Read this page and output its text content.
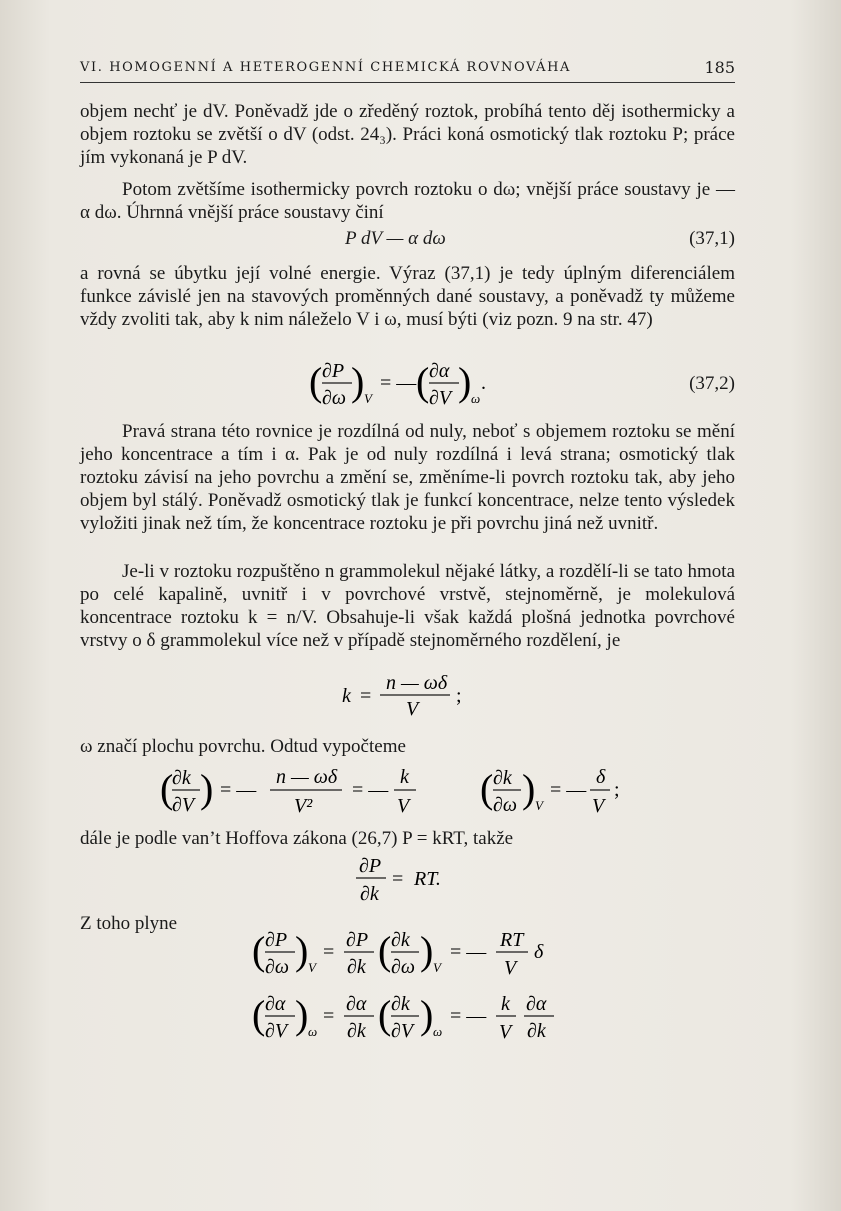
VI. HOMOGENNÍ A HETEROGENNÍ CHEMICKÁ ROVNOVÁHA	185

objem nechť je dV. Poněvadž jde o zředěný roztok, probíhá tento děj isothermicky a objem roztoku se zvětší o dV (odst. 24₃). Práci koná osmotický tlak roztoku P; práce jím vykonaná je P dV.

Potom zvětšíme isothermicky povrch roztoku o dω; vnější práce soustavy je — α dω. Úhrnná vnější práce soustavy činí

P dV — α dω	(37,1)

a rovná se úbytku její volné energie. Výraz (37,1) je tedy úplným diferenciálem funkce závislé jen na stavových proměnných dané soustavy, a poněvadž ty můžeme vždy zvoliti tak, aby k nim náleželo V i ω, musí býti (viz pozn. 9 na str. 47)

( ∂P
∂ω ) V
= — ( ∂α
∂V ) ω
.	(37,2)

Pravá strana této rovnice je rozdílná od nuly, neboť s objemem roztoku se mění jeho koncentrace a tím i α. Pak je od nuly rozdílná i levá strana; osmotický tlak roztoku závisí na jeho povrchu a změní se, změníme-li povrch roztoku tak, aby jeho objem byl stálý. Poněvadž osmotický tlak je funkcí koncentrace, nelze tento výsledek vyložiti jinak než tím, že koncentrace roztoku je při povrchu jiná než uvnitř.

Je-li v roztoku rozpuštěno n grammolekul nějaké látky, a rozdělí-li se tato hmota po celé kapalině, uvnitř i v povrchové vrstvě, stejnoměrně, je molekulová koncentrace roztoku k = n/V. Obsahuje-li však každá plošná jednotka povrchové vrstvy o δ grammolekul více než v případě stejnoměrného rozdělení, je

k =
n — ωδ
V
;

ω značí plochu povrchu. Odtud vypočteme

(
∂k
∂V ) = —
n — ωδ
V²
= —
k
V ( ∂k
∂ω ) V
= —
δ
V
;

dále je podle van’t Hoffova zákona (26,7) P = kRT, takže

∂P
∂k
= RT.

Z toho plyne

( ∂P
∂ω ) V
=
∂P
∂k ( ∂k
∂ω ) V
= —
RT
V
δ
( ∂α
∂V ) ω
=
∂α
∂k ( ∂k
∂V ) ω
= —
k
V
∂α
∂k
